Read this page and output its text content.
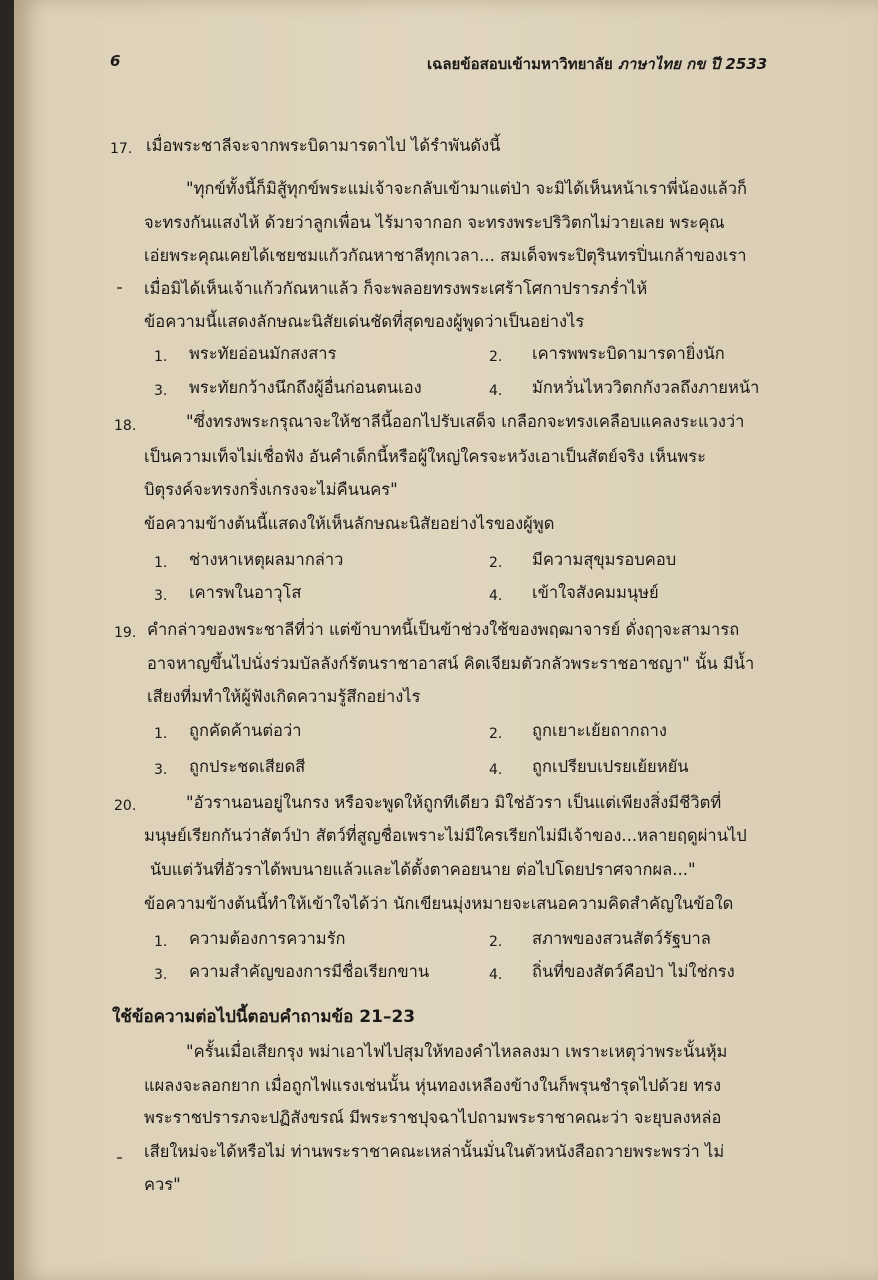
6	เฉลยข้อสอบเข้ามหาวิทยาลัย ภาษาไทย กข ปี 2533
17. เมื่อพระชาลีจะจากพระบิดามารดาไป ได้รำพันดังนี้
"ทุกข์ทั้งนี้ก็มิสู้ทุกข์พระแม่เจ้าจะกลับเข้ามาแต่ป่า จะมิได้เห็นหน้าเราพี่น้องแล้วก็
จะทรงกันแสงไห้ ด้วยว่าลูกเพื่อน ไร้มาจากอก จะทรงพระปริวิตกไม่วายเลย พระคุณ
เอ่ยพระคุณเคยได้เชยชมแก้วกัณหาชาลีทุกเวลา... สมเด็จพระปิตุรินทรปิ่นเกล้าของเรา
เมื่อมิได้เห็นเจ้าแก้วกัณหาแล้ว ก็จะพลอยทรงพระเศร้าโศกาปรารภร่ำไห้
ข้อความนี้แสดงลักษณะนิสัยเด่นชัดที่สุดของผู้พูดว่าเป็นอย่างไร
1. พระทัยอ่อนมักสงสาร	2. เคารพพระบิดามารดายิ่งนัก
3. พระทัยกว้างนึกถึงผู้อื่นก่อนตนเอง	4. มักหวั่นไหววิตกกังวลถึงภายหน้า
18.	"ซึ่งทรงพระกรุณาจะให้ชาลีนี้ออกไปรับเสด็จ เกลือกจะทรงเคลือบแคลงระแวงว่า
เป็นความเท็จไม่เชื่อฟัง อันคำเด็กนี้หรือผู้ใหญ่ใครจะหวังเอาเป็นสัตย์จริง เห็นพระ
บิตุรงค์จะทรงกริ่งเกรงจะไม่คืนนคร"
ข้อความข้างต้นนี้แสดงให้เห็นลักษณะนิสัยอย่างไรของผู้พูด
1. ช่างหาเหตุผลมากล่าว	2. มีความสุขุมรอบคอบ
3. เคารพในอาวุโส	4. เข้าใจสังคมมนุษย์
19. คำกล่าวของพระชาลีที่ว่า แต่ข้าบาทนี้เป็นข้าช่วงใช้ของพฤฒาจารย์ ดั่งฤๅจะสามารถ
อาจหาญขึ้นไปนั่งร่วมบัลลังก์รัตนราชาอาสน์ คิดเจียมตัวกลัวพระราชอาชญา" นั้น มีน้ำ
เสียงที่มทำให้ผู้ฟังเกิดความรู้สึกอย่างไร
1. ถูกคัดค้านต่อว่า	2. ถูกเยาะเย้ยถากถาง
3. ถูกประชดเสียดสี	4. ถูกเปรียบเปรยเย้ยหยัน
20.	"อัวรานอนอยู่ในกรง หรือจะพูดให้ถูกทีเดียว มิใช่อัวรา เป็นแต่เพียงสิ่งมีชีวิตที่
มนุษย์เรียกกันว่าสัตว์ป่า สัตว์ที่สูญชื่อเพราะไม่มีใครเรียกไม่มีเจ้าของ...หลายฤดูผ่านไป
นับแต่วันที่อัวราได้พบนายแล้วและได้ตั้งตาคอยนาย ต่อไปโดยปราศจากผล..."
ข้อความข้างต้นนี้ทำให้เข้าใจได้ว่า นักเขียนมุ่งหมายจะเสนอความคิดสำคัญในข้อใด
1. ความต้องการความรัก	2. สภาพของสวนสัตว์รัฐบาล
3. ความสำคัญของการมีชื่อเรียกขาน	4. ถิ่นที่ของสัตว์คือป่า ไม่ใช่กรง
ใช้ข้อความต่อไปนี้ตอบคำถามข้อ 21–23
"ครั้นเมื่อเสียกรุง พม่าเอาไฟไปสุมให้ทองคำไหลลงมา เพราะเหตุว่าพระนั้นหุ้ม
แผลงจะลอกยาก เมื่อถูกไฟแรงเช่นนั้น หุ่นทองเหลืองข้างในก็พรุนชำรุดไปด้วย ทรง
พระราชปรารภจะปฏิสังขรณ์ มีพระราชปุจฉาไปถามพระราชาคณะว่า จะยุบลงหล่อ
เสียใหม่จะได้หรือไม่ ท่านพระราชาคณะเหล่านั้นมั่นในตัวหนังสือถวายพระพรว่า ไม่
ควร"
